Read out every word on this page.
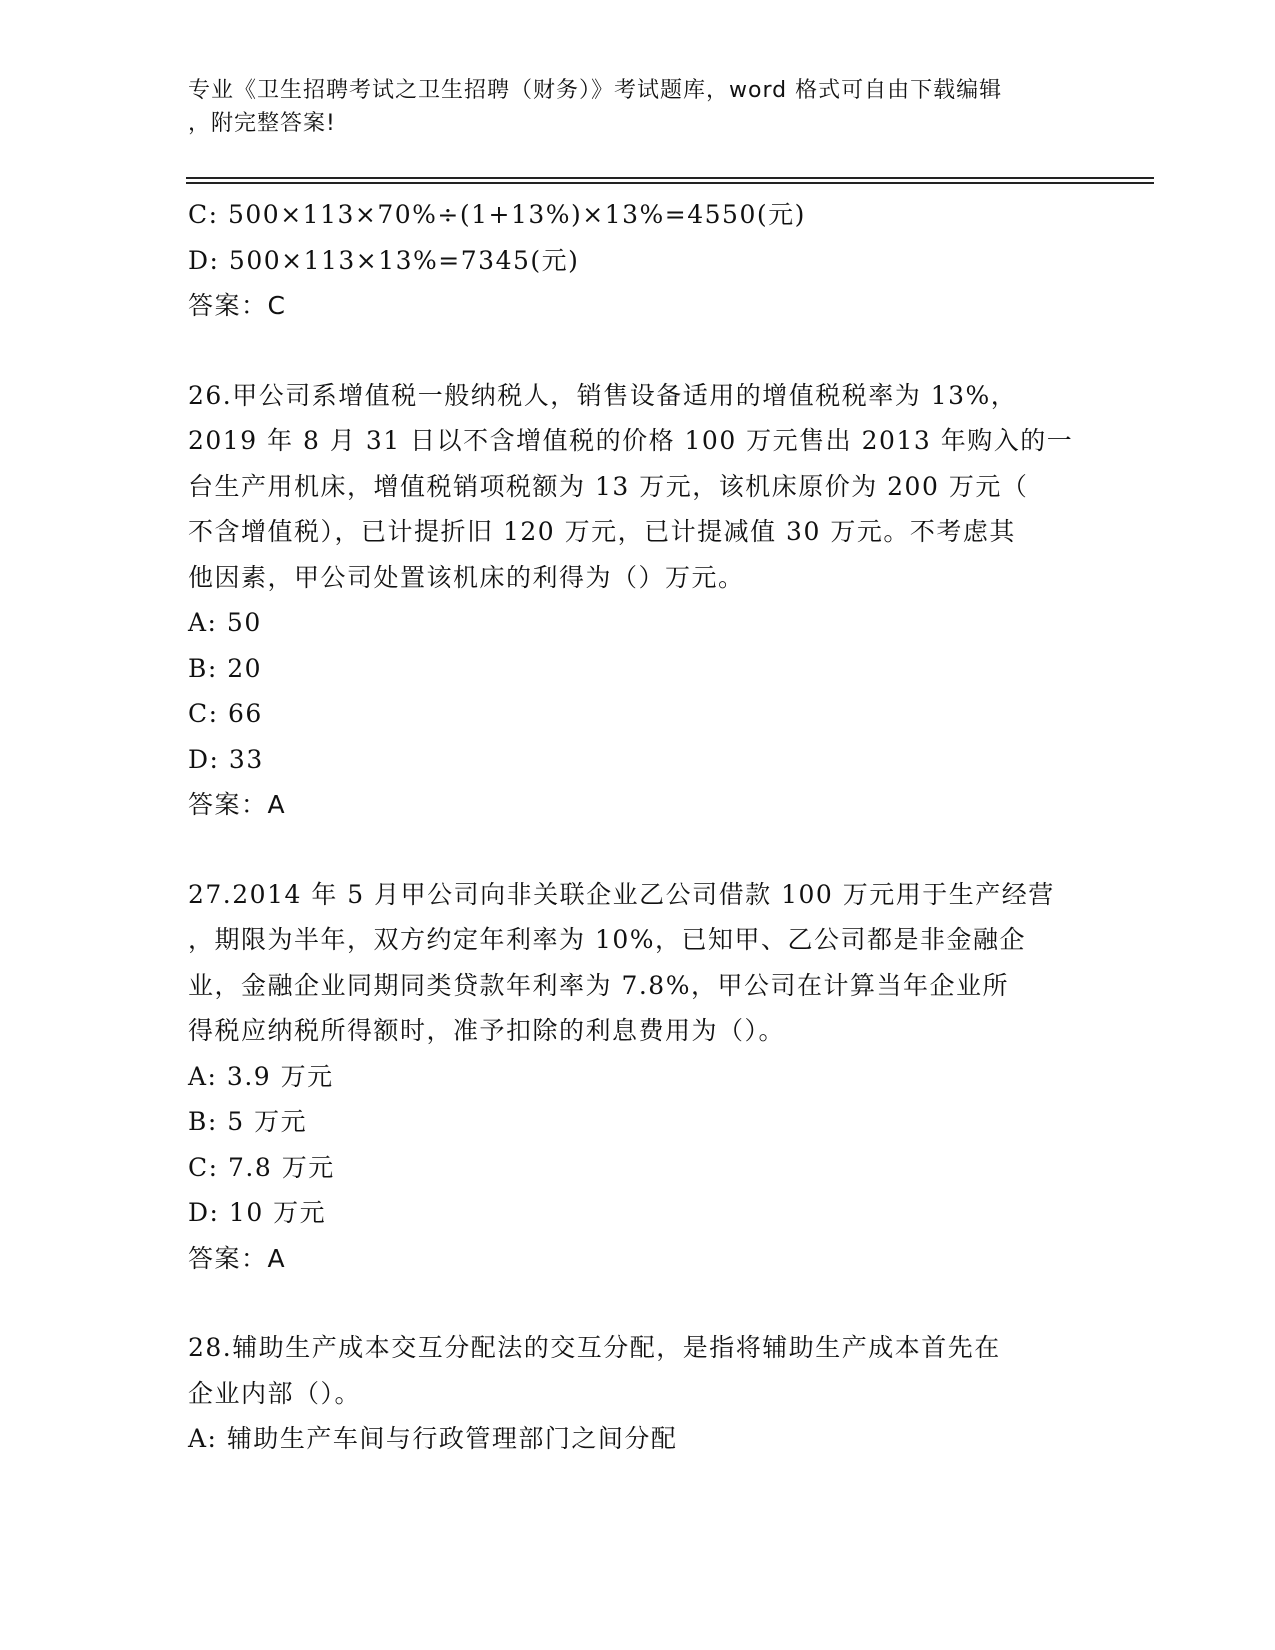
专业《卫生招聘考试之卫生招聘（财务）》考试题库，word 格式可自由下载编辑
，附完整答案!
C: 500×113×70%÷(1+13%)×13%=4550(元)
D: 500×113×13%=7345(元)
答案：C
26.甲公司系增值税一般纳税人，销售设备适用的增值税税率为 13%，
2019 年 8 月 31 日以不含增值税的价格 100 万元售出 2013 年购入的一
台生产用机床，增值税销项税额为 13 万元，该机床原价为 200 万元（
不含增值税），已计提折旧 120 万元，已计提减值 30 万元。不考虑其
他因素，甲公司处置该机床的利得为（）万元。
A: 50
B: 20
C: 66
D: 33
答案：A
27.2014 年 5 月甲公司向非关联企业乙公司借款 100 万元用于生产经营
，期限为半年，双方约定年利率为 10%，已知甲、乙公司都是非金融企
业，金融企业同期同类贷款年利率为 7.8%，甲公司在计算当年企业所
得税应纳税所得额时，准予扣除的利息费用为（）。
A: 3.9 万元
B: 5 万元
C: 7.8 万元
D: 10 万元
答案：A
28.辅助生产成本交互分配法的交互分配，是指将辅助生产成本首先在
企业内部（）。
A: 辅助生产车间与行政管理部门之间分配
